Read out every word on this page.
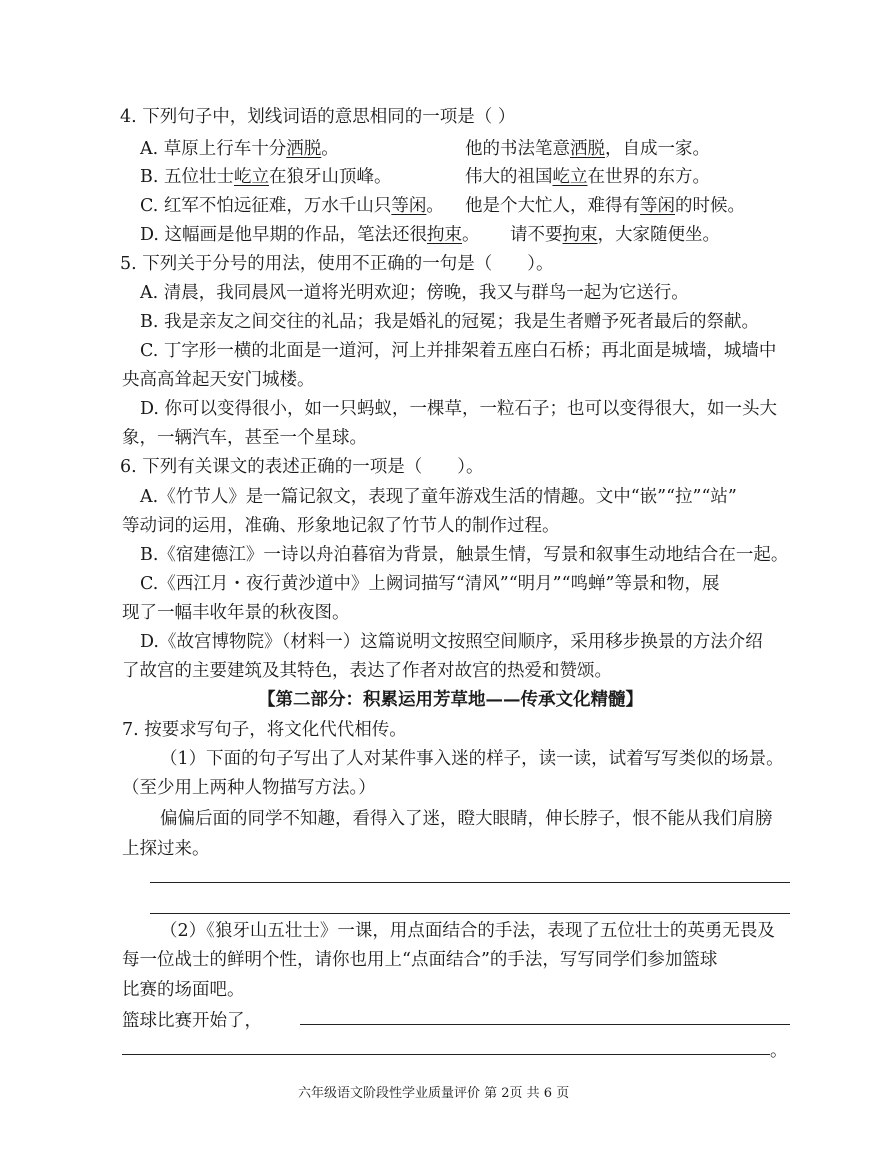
4. 下列句子中，划线词语的意思相同的一项是（ ）
A. 草原上行车十分洒脱。	他的书法笔意洒脱，自成一家。
B. 五位壮士屹立在狼牙山顶峰。	伟大的祖国屹立在世界的东方。
C. 红军不怕远征难，万水千山只等闲。 他是个大忙人，难得有等闲的时候。
D. 这幅画是他早期的作品，笔法还很拘束。 请不要拘束，大家随便坐。
5. 下列关于分号的用法，使用不正确的一句是（　　）。
A. 清晨，我同晨风一道将光明欢迎；傍晚，我又与群鸟一起为它送行。
B. 我是亲友之间交往的礼品；我是婚礼的冠冕；我是生者赠予死者最后的祭献。
C. 丁字形一横的北面是一道河，河上并排架着五座白石桥；再北面是城墙，城墙中
央高高耸起天安门城楼。
D. 你可以变得很小，如一只蚂蚁，一棵草，一粒石子；也可以变得很大，如一头大
象，一辆汽车，甚至一个星球。
6. 下列有关课文的表述正确的一项是（　　）。
A.《竹节人》是一篇记叙文，表现了童年游戏生活的情趣。文中“嵌”“拉”“站”
等动词的运用，准确、形象地记叙了竹节人的制作过程。
B.《宿建德江》一诗以舟泊暮宿为背景，触景生情，写景和叙事生动地结合在一起。
C.《西江月・夜行黄沙道中》上阙词描写“清风”“明月”“鸣蝉”等景和物，展
现了一幅丰收年景的秋夜图。
D.《故宫博物院》（材料一）这篇说明文按照空间顺序，采用移步换景的方法介绍
了故宫的主要建筑及其特色，表达了作者对故宫的热爱和赞颂。
【第二部分：积累运用芳草地——传承文化精髓】
7. 按要求写句子，将文化代代相传。
（1）下面的句子写出了人对某件事入迷的样子，读一读，试着写写类似的场景。
（至少用上两种人物描写方法。）
偏偏后面的同学不知趣，看得入了迷，瞪大眼睛，伸长脖子，恨不能从我们肩膀
上探过来。
（2）《狼牙山五壮士》一课，用点面结合的手法，表现了五位壮士的英勇无畏及
每一位战士的鲜明个性，请你也用上“点面结合”的手法，写写同学们参加篮球
比赛的场面吧。
篮球比赛开始了，
。
六年级语文阶段性学业质量评价 第 2页 共 6 页
